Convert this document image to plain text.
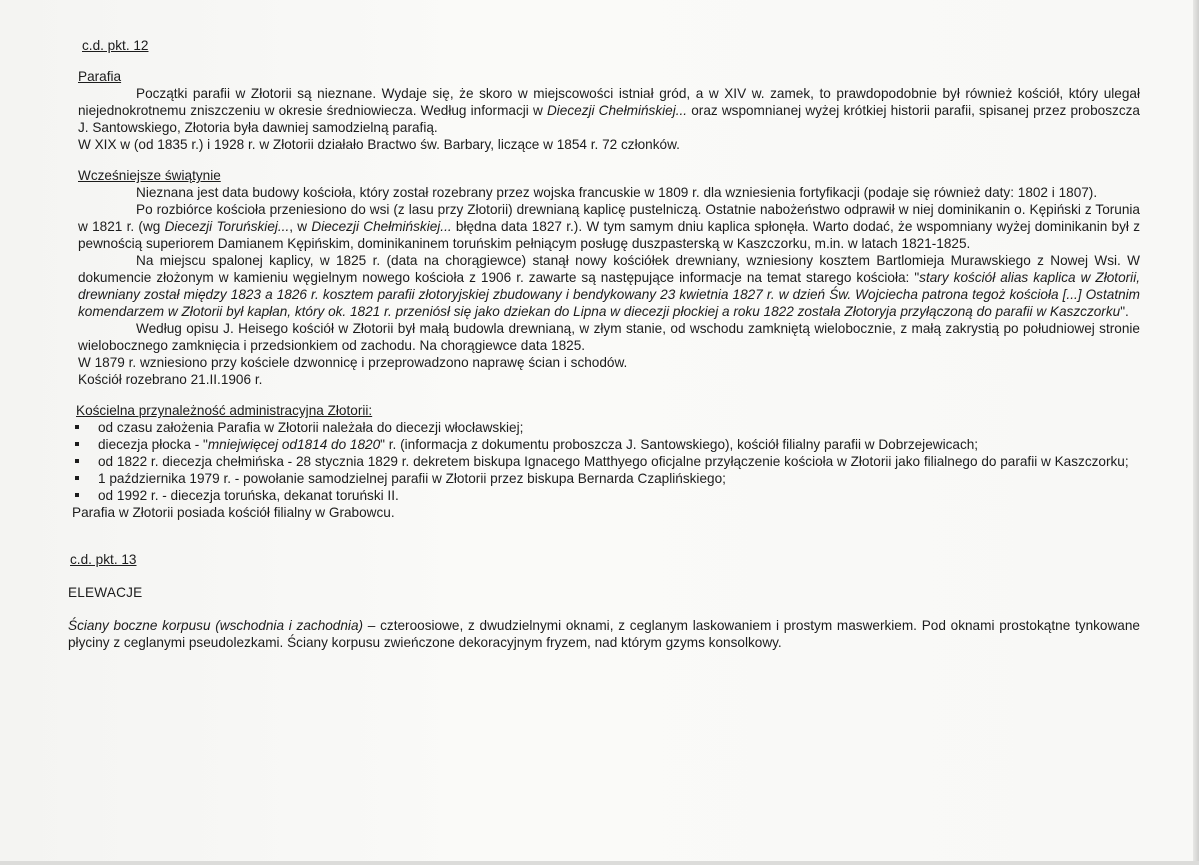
c.d. pkt. 12
Parafia

Początki parafii w Złotorii są nieznane. Wydaje się, że skoro w miejscowości istniał gród, a w XIV w. zamek, to prawdopodobnie był również kościół, który ulegał niejednokrotnemu zniszczeniu w okresie średniowiecza. Według informacji w Diecezji Chełmińskiej... oraz wspomnianej wyżej krótkiej historii parafii, spisanej przez proboszcza J. Santowskiego, Złotoria była dawniej samodzielną parafią.

W XIX w (od 1835 r.) i 1928 r. w Złotorii działało Bractwo św. Barbary, liczące w 1854 r. 72 członków.

Wcześniejsze świątynie

Nieznana jest data budowy kościoła, który został rozebrany przez wojska francuskie w 1809 r. dla wzniesienia fortyfikacji (podaje się również daty: 1802 i 1807).

Po rozbiórce kościoła przeniesiono do wsi (z lasu przy Złotorii) drewnianą kaplicę pustelniczą. Ostatnie nabożeństwo odprawił w niej dominikanin o. Kępiński z Torunia w 1821 r. (wg Diecezji Toruńskiej..., w Diecezji Chełmińskiej... błędna data 1827 r.). W tym samym dniu kaplica spłonęła. Warto dodać, że wspomniany wyżej dominikanin był z pewnością superiorem Damianem Kępińskim, dominikaninem toruńskim pełniącym posługę duszpasterską w Kaszczorku, m.in. w latach 1821-1825.

Na miejscu spalonej kaplicy, w 1825 r. (data na chorągiewce) stanął nowy kościółek drewniany, wzniesiony kosztem Bartlomieja Murawskiego z Nowej Wsi. W dokumencie złożonym w kamieniu węgielnym nowego kościoła z 1906 r. zawarte są następujące informacje na temat starego kościoła: "stary kościół alias kaplica w Złotorii, drewniany został między 1823 a 1826 r. kosztem parafii złotoryjskiej zbudowany i bendykowany 23 kwietnia 1827 r. w dzień Św. Wojciecha patrona tegoż kościoła [...] Ostatnim komendarzem w Złotorii był kapłan, który ok. 1821 r. przeniósł się jako dziekan do Lipna w diecezji płockiej a roku 1822 została Złotoryja przyłączoną do parafii w Kaszczorku".

Według opisu J. Heisego kościół w Złotorii był małą budowla drewnianą, w złym stanie, od wschodu zamkniętą wielobocznie, z małą zakrystią po południowej stronie wielobocznego zamknięcia i przedsionkiem od zachodu. Na chorągiewce data 1825.

W 1879 r. wzniesiono przy kościele dzwonnicę i przeprowadzono naprawę ścian i schodów.

Kościół rozebrano 21.II.1906 r.

Kościelna przynależność administracyjna Złotorii:
od czasu założenia Parafia w Złotorii należała do diecezji włocławskiej;
diecezja płocka - "mniejwięcej od1814 do 1820" r. (informacja z dokumentu proboszcza J. Santowskiego), kościół filialny parafii w Dobrzejewicach;
od 1822 r. diecezja chełmińska - 28 stycznia 1829 r. dekretem biskupa Ignacego Matthyego oficjalne przyłączenie kościoła w Złotorii jako filialnego do parafii w Kaszczorku;
1 października 1979 r. - powołanie samodzielnej parafii w Złotorii przez biskupa Bernarda Czaplińskiego;
od 1992 r. - diecezja toruńska, dekanat toruński II.

Parafia w Złotorii posiada kościół filialny w Grabowcu.

c.d. pkt. 13
ELEWACJE

Ściany boczne korpusu (wschodnia i zachodnia) – czteroosiowe, z dwudzielnymi oknami, z ceglanym laskowaniem i prostym maswerkiem. Pod oknami prostokątne tynkowane płyciny z ceglanymi pseudolezkami. Ściany korpusu zwieńczone dekoracyjnym fryzem, nad którym gzyms konsolkowy.
